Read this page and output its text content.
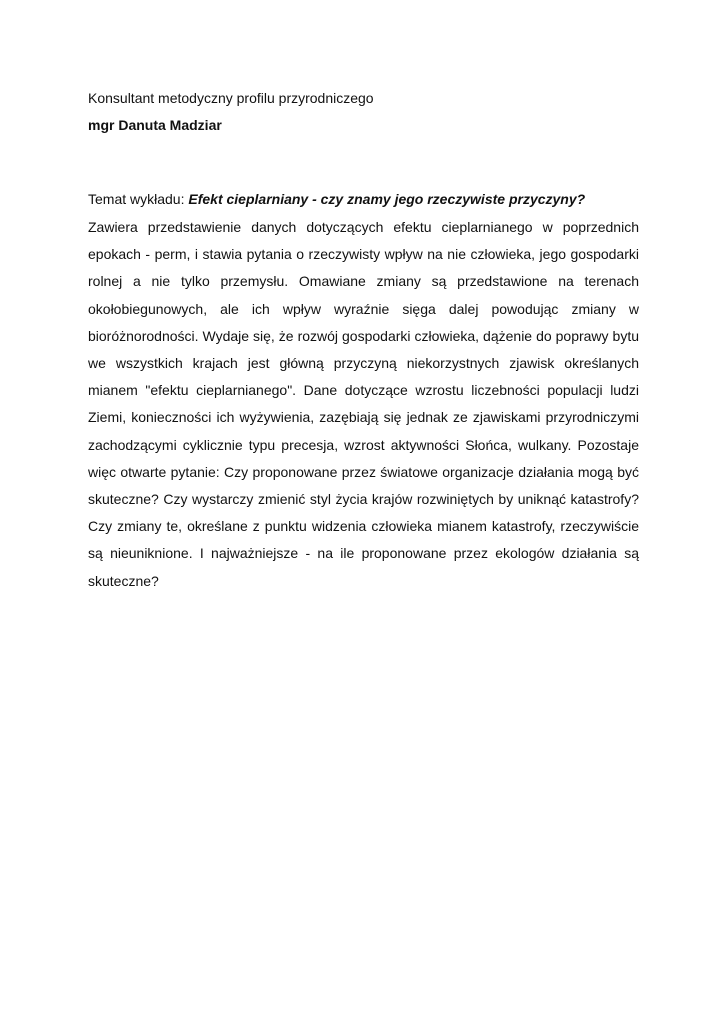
Konsultant metodyczny profilu przyrodniczego

mgr Danuta Madziar

Temat wykładu: Efekt cieplarniany - czy znamy jego rzeczywiste przyczyny?

Zawiera przedstawienie danych dotyczących efektu cieplarnianego w poprzednich epokach - perm, i stawia pytania o rzeczywisty wpływ na nie człowieka, jego gospodarki rolnej a nie tylko przemysłu. Omawiane zmiany są przedstawione na terenach okołobiegunowych, ale ich wpływ wyraźnie sięga dalej powodując zmiany w bioróżnorodności. Wydaje się, że rozwój gospodarki człowieka, dążenie do poprawy bytu we wszystkich krajach jest główną przyczyną niekorzystnych zjawisk określanych mianem "efektu cieplarnianego". Dane dotyczące wzrostu liczebności populacji ludzi Ziemi, konieczności ich wyżywienia, zazębiają się jednak ze zjawiskami przyrodniczymi zachodzącymi cyklicznie typu precesja, wzrost aktywności Słońca, wulkany. Pozostaje więc otwarte pytanie: Czy proponowane przez światowe organizacje działania mogą być skuteczne? Czy wystarczy zmienić styl życia krajów rozwiniętych by uniknąć katastrofy? Czy zmiany te, określane z punktu widzenia człowieka mianem katastrofy, rzeczywiście są nieuniknione. I najważniejsze - na ile proponowane przez ekologów działania są skuteczne?
